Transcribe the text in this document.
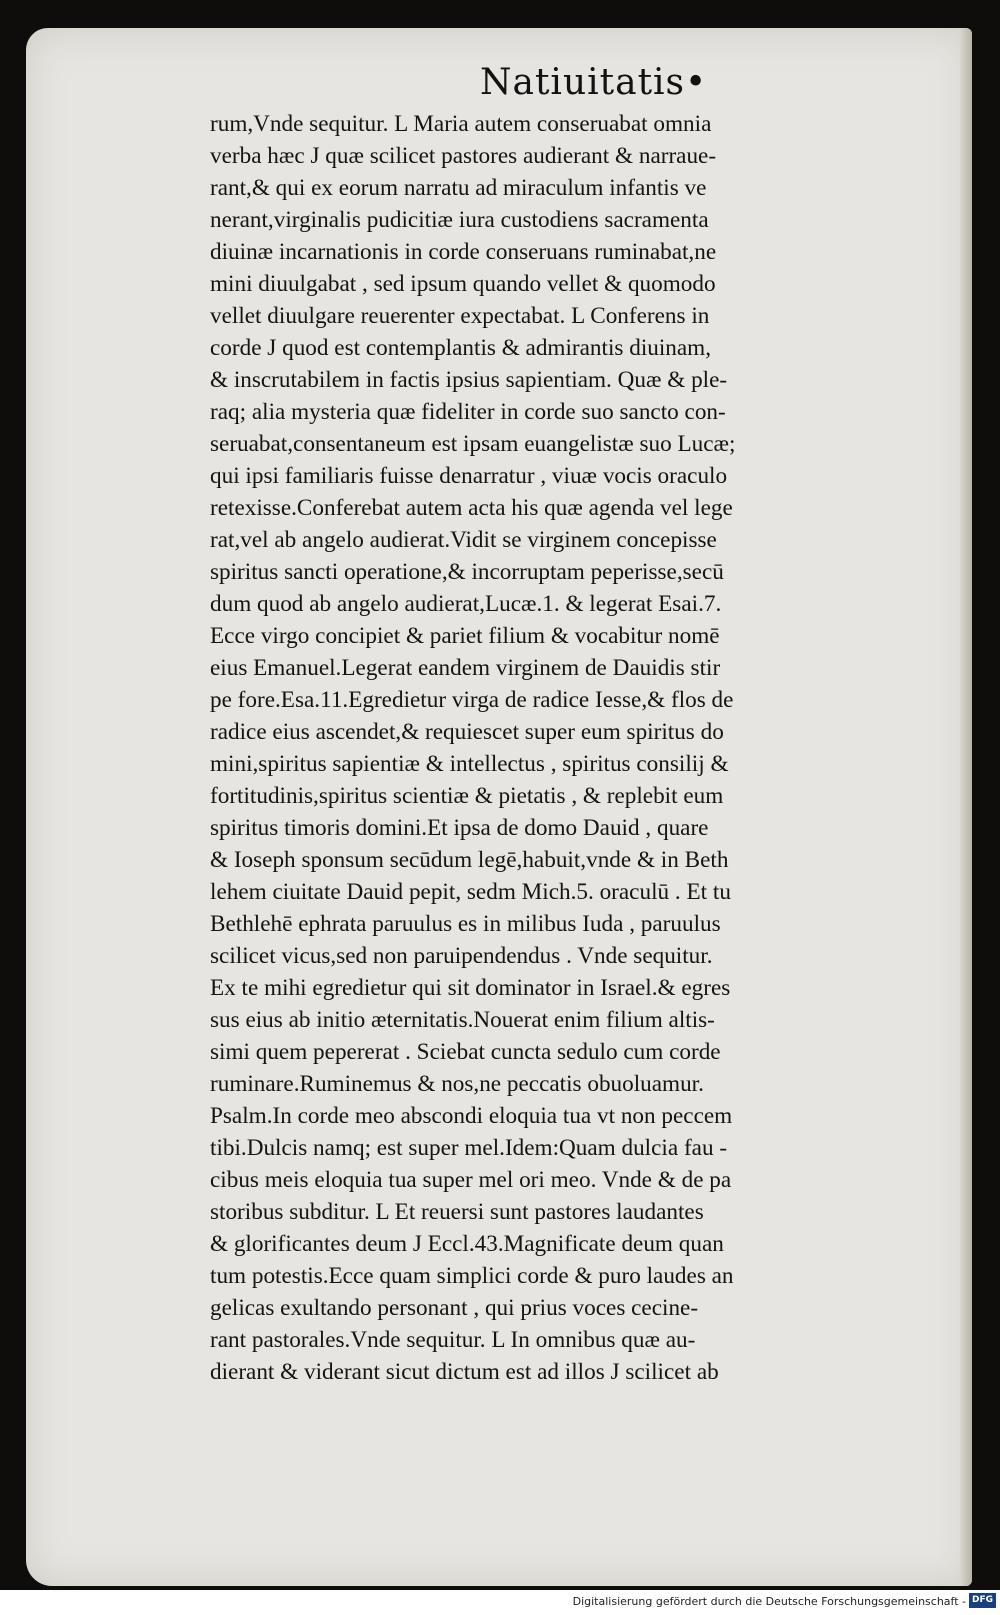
Natiuitatis•
rum,Vnde sequitur. L Maria autem conseruabat omnia
verba hæc J quæ scilicet pastores audierant & narraue-
rant,& qui ex eorum narratu ad miraculum infantis ve
nerant,virginalis pudicitiæ iura custodiens sacramenta
diuinæ incarnationis in corde conseruans ruminabat,ne
mini diuulgabat , sed ipsum quando vellet & quomodo
vellet diuulgare reuerenter expectabat. L Conferens in
corde J quod est contemplantis & admirantis diuinam,
& inscrutabilem in factis ipsius sapientiam. Quæ & ple-
raq; alia mysteria quæ fideliter in corde suo sancto con-
seruabat,consentaneum est ipsam euangelistæ suo Lucæ;
qui ipsi familiaris fuisse denarratur , viuæ vocis oraculo
retexisse.Conferebat autem acta his quæ agenda vel lege
rat,vel ab angelo audierat.Vidit se virginem concepisse
spiritus sancti operatione,& incorruptam peperisse,secū
dum quod ab angelo audierat,Lucæ.1. & legerat Esai.7.
Ecce virgo concipiet & pariet filium & vocabitur nomē
eius Emanuel.Legerat eandem virginem de Dauidis stir
pe fore.Esa.11.Egredietur virga de radice Iesse,& flos de
radice eius ascendet,& requiescet super eum spiritus do
mini,spiritus sapientiæ & intellectus , spiritus consilij &
fortitudinis,spiritus scientiæ & pietatis , & replebit eum
spiritus timoris domini.Et ipsa de domo Dauid , quare
& Ioseph sponsum secūdum legē,habuit,vnde & in Beth
lehem ciuitate Dauid pepit, sedm Mich.5. oraculū . Et tu
Bethlehē ephrata paruulus es in milibus Iuda , paruulus
scilicet vicus,sed non paruipendendus . Vnde sequitur.
Ex te mihi egredietur qui sit dominator in Israel.& egres
sus eius ab initio æternitatis.Nouerat enim filium altis-
simi quem pepererat . Sciebat cuncta sedulo cum corde
ruminare.Ruminemus & nos,ne peccatis obuoluamur.
Psalm.In corde meo abscondi eloquia tua vt non peccem
tibi.Dulcis namq; est super mel.Idem:Quam dulcia fau -
cibus meis eloquia tua super mel ori meo. Vnde & de pa
storibus subditur. L Et reuersi sunt pastores laudantes
& glorificantes deum J Eccl.43.Magnificate deum quan
tum potestis.Ecce quam simplici corde & puro laudes an
gelicas exultando personant , qui prius voces cecine-
rant pastorales.Vnde sequitur. L In omnibus quæ au-
dierant & viderant sicut dictum est ad illos J scilicet ab
Digitalisierung gefördert durch die Deutsche Forschungsgemeinschaft - DFG
